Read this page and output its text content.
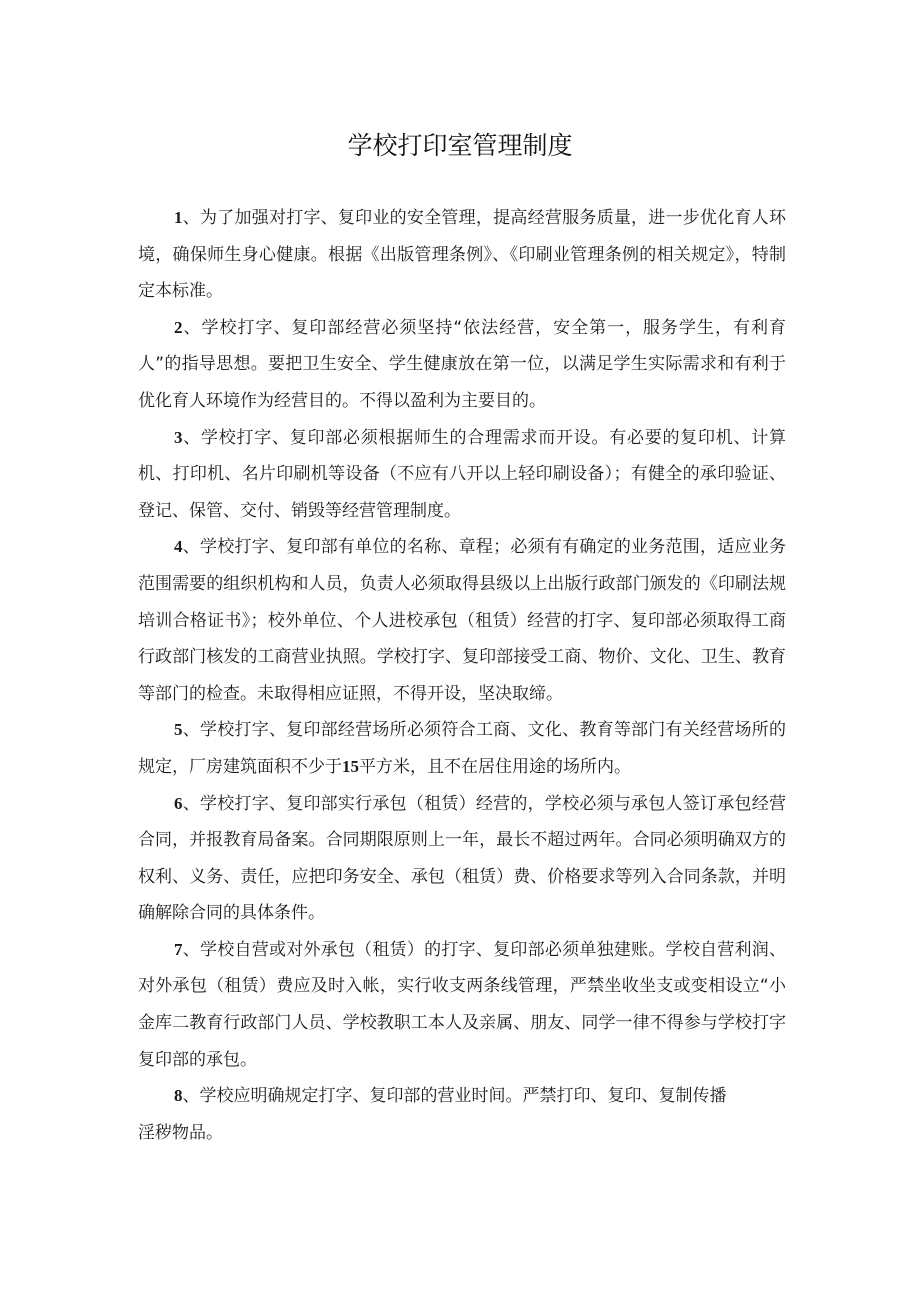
学校打印室管理制度

1、为了加强对打字、复印业的安全管理，提高经营服务质量，进一步优化育人环境，确保师生身心健康。根据《出版管理条例》、《印刷业管理条例的相关规定》，特制定本标准。

2、学校打字、复印部经营必须坚持“依法经营，安全第一，服务学生，有利育人”的指导思想。要把卫生安全、学生健康放在第一位，以满足学生实际需求和有利于优化育人环境作为经营目的。不得以盈利为主要目的。

3、学校打字、复印部必须根据师生的合理需求而开设。有必要的复印机、计算机、打印机、名片印刷机等设备（不应有八开以上轻印刷设备）；有健全的承印验证、登记、保管、交付、销毁等经营管理制度。

4、学校打字、复印部有单位的名称、章程；必须有有确定的业务范围，适应业务范围需要的组织机构和人员，负责人必须取得县级以上出版行政部门颁发的《印刷法规培训合格证书》；校外单位、个人进校承包（租赁）经营的打字、复印部必须取得工商行政部门核发的工商营业执照。学校打字、复印部接受工商、物价、文化、卫生、教育等部门的检查。未取得相应证照，不得开设，坚决取缔。

5、学校打字、复印部经营场所必须符合工商、文化、教育等部门有关经营场所的规定，厂房建筑面积不少于15平方米，且不在居住用途的场所内。

6、学校打字、复印部实行承包（租赁）经营的，学校必须与承包人签订承包经营合同，并报教育局备案。合同期限原则上一年，最长不超过两年。合同必须明确双方的权利、义务、责任，应把印务安全、承包（租赁）费、价格要求等列入合同条款，并明确解除合同的具体条件。

7、学校自营或对外承包（租赁）的打字、复印部必须单独建账。学校自营利润、对外承包（租赁）费应及时入帐，实行收支两条线管理，严禁坐收坐支或变相设立“小金库二教育行政部门人员、学校教职工本人及亲属、朋友、同学一律不得参与学校打字复印部的承包。

8、学校应明确规定打字、复印部的营业时间。严禁打印、复印、复制传播

淫秽物品。
